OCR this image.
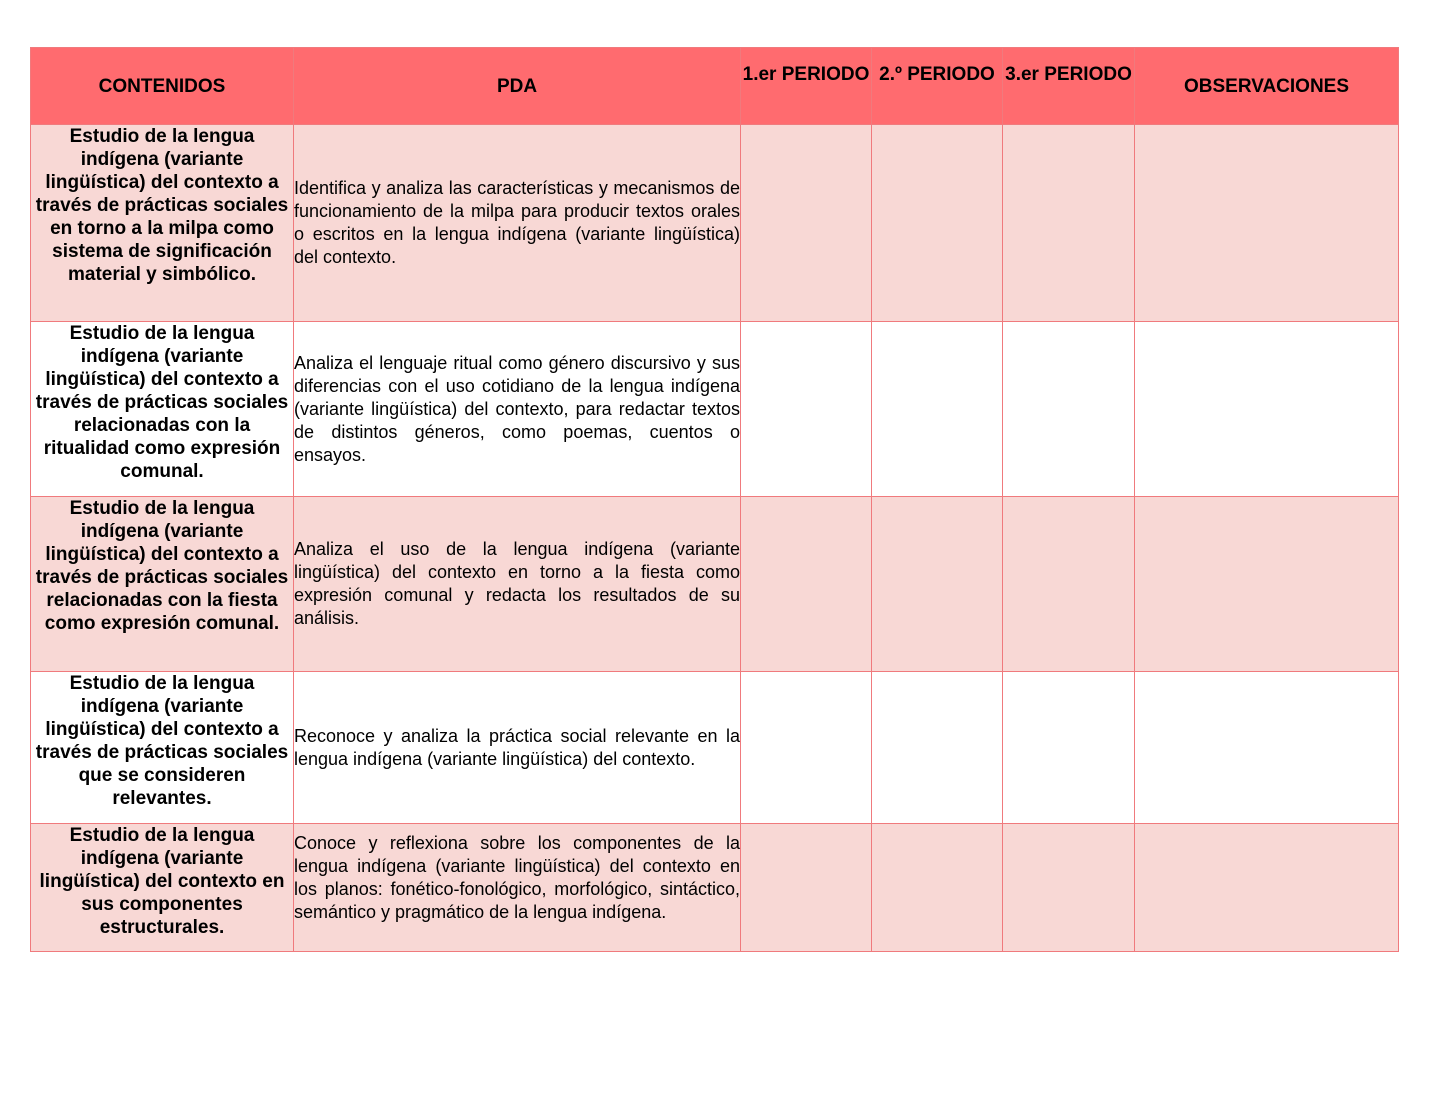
CONTENIDOS	PDA	1.er PERIODO	2.º PERIODO	3.er PERIODO	OBSERVACIONES
Estudio de la lengua indígena (variante lingüística) del contexto a través de prácticas sociales en torno a la milpa como sistema de significación material y simbólico.	Identifica y analiza las características y mecanismos de funcionamiento de la milpa para producir textos orales o escritos en la lengua indígena (variante lingüística) del contexto.				
Estudio de la lengua indígena (variante lingüística) del contexto a través de prácticas sociales relacionadas con la ritualidad como expresión comunal.	Analiza el lenguaje ritual como género discursivo y sus diferencias con el uso cotidiano de la lengua indígena (variante lingüística) del contexto, para redactar textos de distintos géneros, como poemas, cuentos o ensayos.				
Estudio de la lengua indígena (variante lingüística) del contexto a través de prácticas sociales relacionadas con la fiesta como expresión comunal.	Analiza el uso de la lengua indígena (variante lingüística) del contexto en torno a la fiesta como expresión comunal y redacta los resultados de su análisis.				
Estudio de la lengua indígena (variante lingüística) del contexto a través de prácticas sociales que se consideren relevantes.	Reconoce y analiza la práctica social relevante en la lengua indígena (variante lingüística) del contexto.				
Estudio de la lengua indígena (variante lingüística) del contexto en sus componentes estructurales.	Conoce y reflexiona sobre los componentes de la lengua indígena (variante lingüística) del contexto en los planos: fonético-fonológico, morfológico, sintáctico, semántico y pragmático de la lengua indígena.				
